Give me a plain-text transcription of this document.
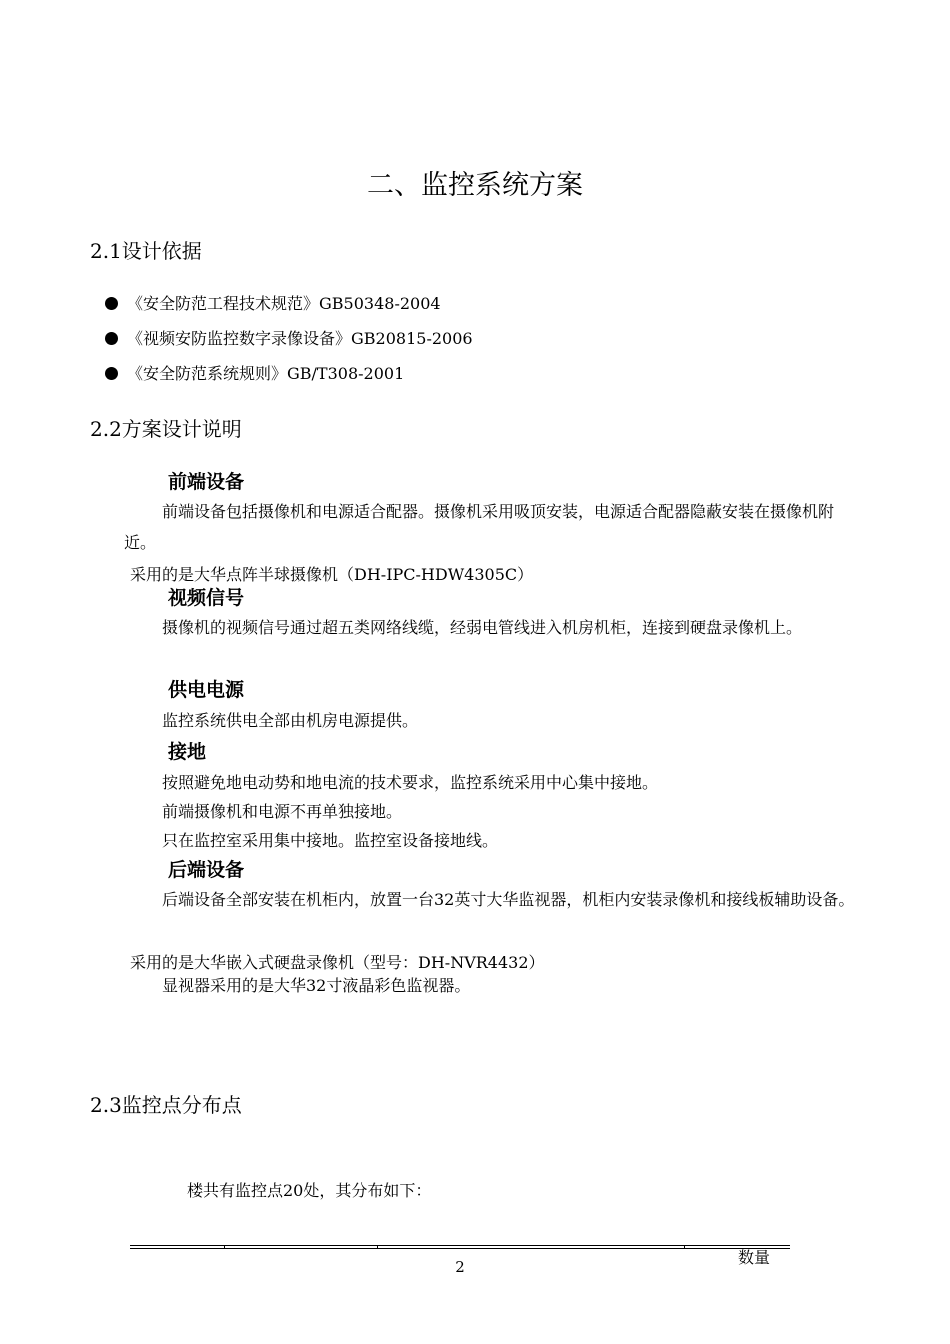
二、监控系统方案
2.1设计依据
《安全防范工程技术规范》GB50348-2004
《视频安防监控数字录像设备》GB20815-2006
《安全防范系统规则》GB/T308-2001
2.2方案设计说明
前端设备
前端设备包括摄像机和电源适合配器。摄像机采用吸顶安装，电源适合配器隐蔽安装在摄像机附近。
采用的是大华点阵半球摄像机（DH-IPC-HDW4305C）
视频信号
摄像机的视频信号通过超五类网络线缆，经弱电管线进入机房机柜，连接到硬盘录像机上。
供电电源
监控系统供电全部由机房电源提供。
接地
按照避免地电动势和地电流的技术要求，监控系统采用中心集中接地。
前端摄像机和电源不再单独接地。
只在监控室采用集中接地。监控室设备接地线。
后端设备
后端设备全部安装在机柜内，放置一台32英寸大华监视器，机柜内安装录像机和接线板辅助设备。
采用的是大华嵌入式硬盘录像机（型号：DH-NVR4432）
显视器采用的是大华32寸液晶彩色监视器。
2.3监控点分布点
楼共有监控点20处，其分布如下：
数量
2
